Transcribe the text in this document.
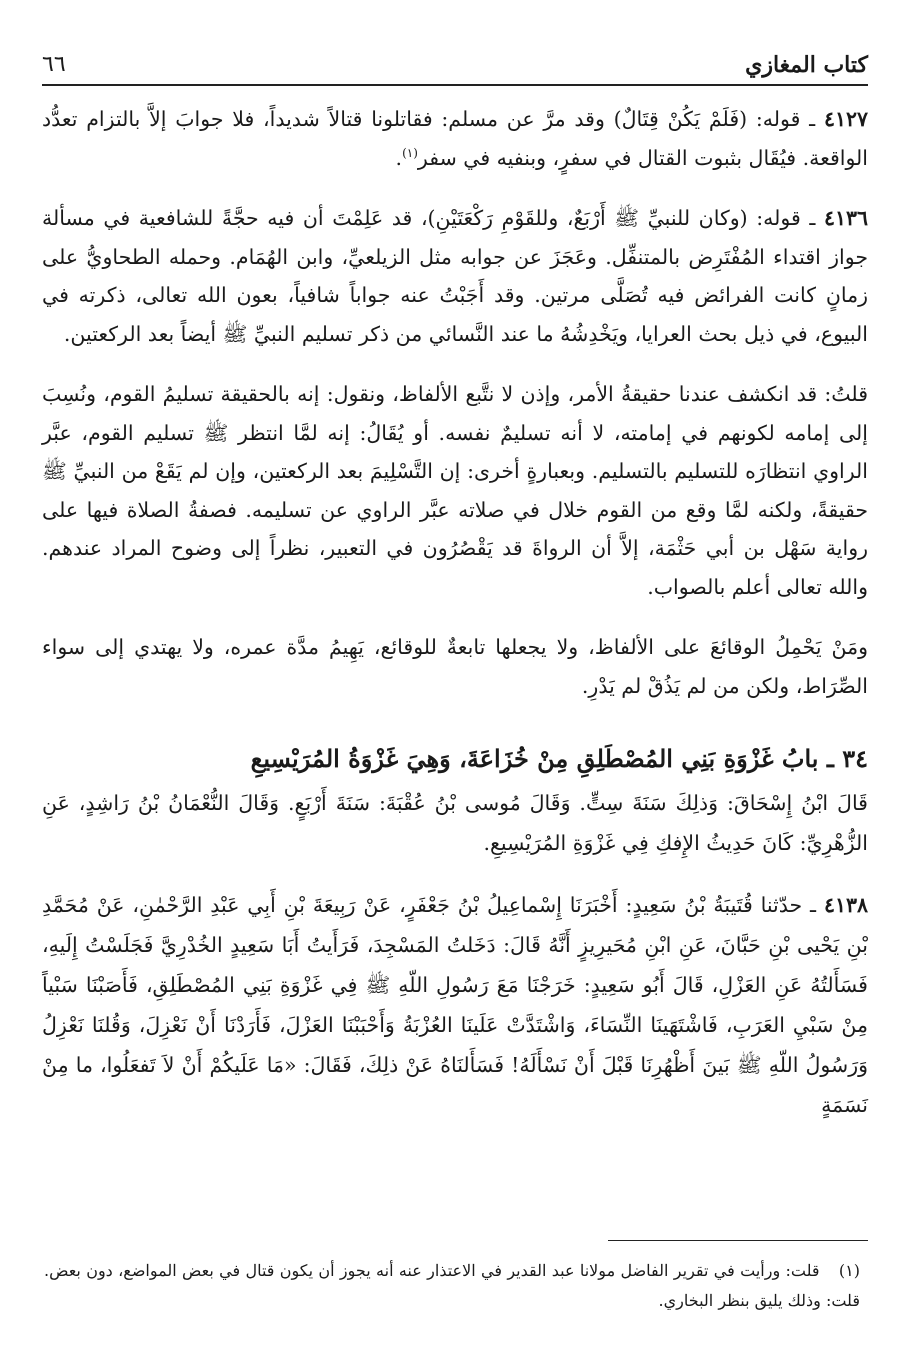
كتاب المغازي
٦٦

٤١٢٧ ـ قوله: (فَلَمْ يَكُنْ قِتَالٌ) وقد مرَّ عن مسلم: فقاتلونا قتالاً شديداً، فلا جوابَ إلاَّ بالتزام تعدُّد الواقعة. فيُقَال بثبوت القتال في سفرٍ، وبنفيه في سفر$^{(١)}$.

٤١٣٦ ـ قوله: (وكان للنبيِّ ﷺ أَرْبَعٌ، وللقَوْمِ رَكْعَتَيْنِ)، قد عَلِمْتَ أن فيه حجَّةً للشافعية في مسألة جواز اقتداء المُفْتَرِض بالمتنفِّل. وعَجَزَ عن جوابه مثل الزيلعيِّ، وابن الهُمَام. وحمله الطحاويُّ على زمانٍ كانت الفرائض فيه تُصَلَّى مرتين. وقد أَجَبْتُ عنه جواباً شافياً، بعون الله تعالى، ذكرته في البيوع، في ذيل بحث العرايا، ويَخْدِشُهُ ما عند النَّسائي من ذكر تسليم النبيِّ ﷺ أيضاً بعد الركعتين.

قلتُ: قد انكشف عندنا حقيقةُ الأمر، وإذن لا نتَّبع الألفاظ، ونقول: إنه بالحقيقة تسليمُ القوم، ونُسِبَ إلى إمامه لكونهم في إمامته، لا أنه تسليمٌ نفسه. أو يُقَالُ: إنه لمَّا انتظر ﷺ تسليم القوم، عبَّر الراوي انتظارَه للتسليم بالتسليم. وبعبارةٍ أخرى: إن التَّسْلِيمَ بعد الركعتين، وإن لم يَقَعْ من النبيِّ ﷺ حقيقةً، ولكنه لمَّا وقع من القوم خلال في صلاته عبَّر الراوي عن تسليمه. فصفةُ الصلاة فيها على رواية سَهْل بن أبي حَثْمَة، إلاَّ أن الرواةَ قد يَقْصُرُون في التعبير، نظراً إلى وضوح المراد عندهم. والله تعالى أعلم بالصواب.

ومَنْ يَحْمِلُ الوقائعَ على الألفاظ، ولا يجعلها تابعةٌ للوقائع، يَهِيمُ مدَّة عمره، ولا يهتدي إلى سواء الصِّرَاط، ولكن من لم يَذُقْ لم يَدْرِ.

٣٤ ـ بابُ غَزْوَةِ بَنِي المُصْطَلِقِ مِنْ خُزَاعَةَ، وَهِيَ غَزْوَةُ المُرَيْسِيعِ

قَالَ ابْنُ إِسْحَاقَ: وَذلِكَ سَنَةَ سِتٍّ. وَقَالَ مُوسى بْنُ عُقْبَةَ: سَنَةَ أَرْبَعٍ. وَقَالَ النُّعْمَانُ بْنُ رَاشِدٍ، عَنِ الزُّهْرِيِّ: كَانَ حَدِيثُ الإِفكِ فِي غَزْوَةِ المُرَيْسِيعِ.

٤١٣٨ ـ حدّثنا قُتَيبَةُ بْنُ سَعِيدٍ: أَخْبَرَنَا إِسْماعِيلُ بْنُ جَعْفَرٍ، عَنْ رَبِيعَةَ بْنِ أَبِي عَبْدِ الرَّحْمٰنِ، عَنْ مُحَمَّدِ بْنِ يَحْيى بْنِ حَبَّانَ، عَنِ ابْنِ مُحَيرِيزٍ أَنَّهُ قَالَ: دَخَلتُ المَسْجِدَ، فَرَأَيتُ أَبَا سَعِيدٍ الخُدْرِيَّ فَجَلَسْتُ إِلَيهِ، فَسَأَلتُهُ عَنِ العَزْلِ، قَالَ أَبُو سَعِيدٍ: خَرَجْنَا مَعَ رَسُولِ اللّهِ ﷺ فِي غَزْوَةِ بَنِي المُصْطَلِقِ، فَأَصَبْنَا سَبْياً مِنْ سَبْيِ العَرَبِ، فَاشْتَهَينَا النِّسَاءَ، وَاشْتَدَّتْ عَلَينَا العُزْبَةُ وَأَحْبَبْنَا العَزْلَ، فَأَرَدْنَا أَنْ نَعْزِلَ، وَقُلنَا نَعْزِلُ وَرَسُولُ اللّهِ ﷺ بَينَ أَظْهُرِنَا قَبْلَ أَنْ نَسْأَلَهُ! فَسَأَلنَاهُ عَنْ ذلِكَ، فَقَالَ: «مَا عَلَيكُمْ أَنْ لاَ تَفعَلُوا، ما مِنْ نَسَمَةٍ

(١) قلت: ورأيت في تقرير الفاضل مولانا عبد القدير في الاعتذار عنه أنه يجوز أن يكون قتال في بعض المواضع، دون بعض. قلت: وذلك يليق بنظر البخاري.
